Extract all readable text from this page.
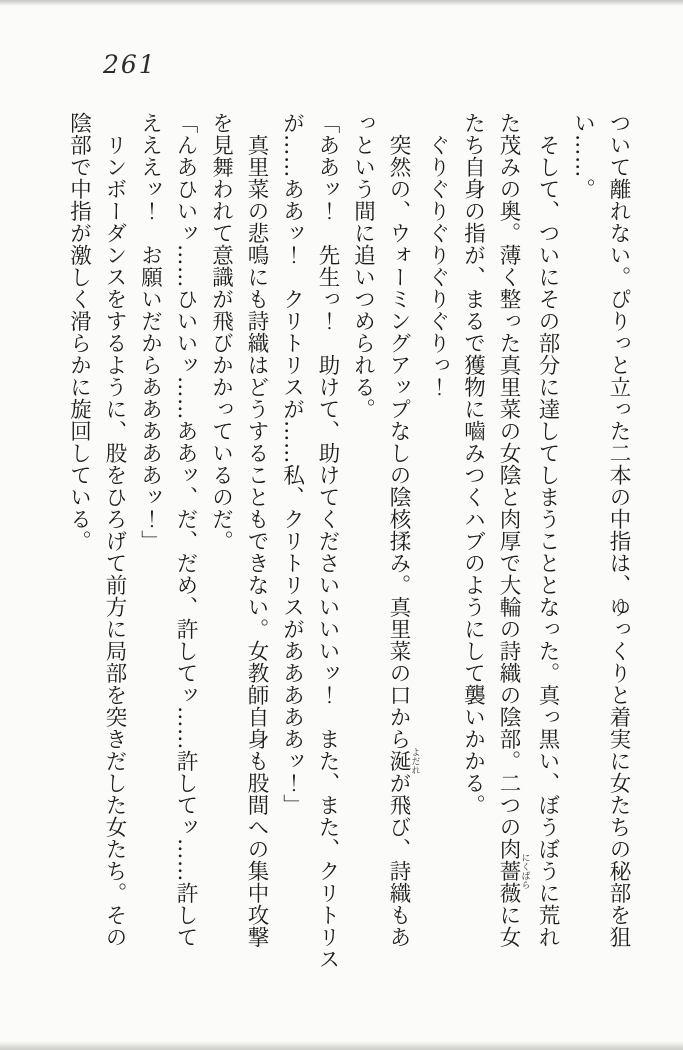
261
ついて離れない。ぴりっと立った二本の中指は、ゆっくりと着実に女たちの秘部を狙
い……。
そして、ついにその部分に達してしまうこととなった。真っ黒い、ぼうぼうに荒れ
た茂みの奥。薄く整った真里菜の女陰と肉厚で大輪の詩織の陰部。二つの肉薔薇にくばらに女
たち自身の指が、まるで獲物に嚙みつくハブのようにして襲いかかる。
ぐりぐりぐりぐりぐりっ！
突然の、ウォーミングアップなしの陰核揉み。真里菜の口から涎よだれが飛び、詩織もあ
っという間に追いつめられる。
「ああッ！　先生っ！　助けて、助けてくださいいいいッ！　また、また、クリトリス
が……ああッ！　クリトリスが……私、クリトリスがあああああッ！」
真里菜の悲鳴にも詩織はどうすることもできない。女教師自身も股間への集中攻撃
を見舞われて意識が飛びかかっているのだ。
「んあひいッ……ひいいッ……ああッ、だ、だめ、許してッ……許してッ……許して
えええッ！　お願いだからあああああッ！」
リンボーダンスをするように、股をひろげて前方に局部を突きだした女たち。その
陰部で中指が激しく滑らかに旋回している。
